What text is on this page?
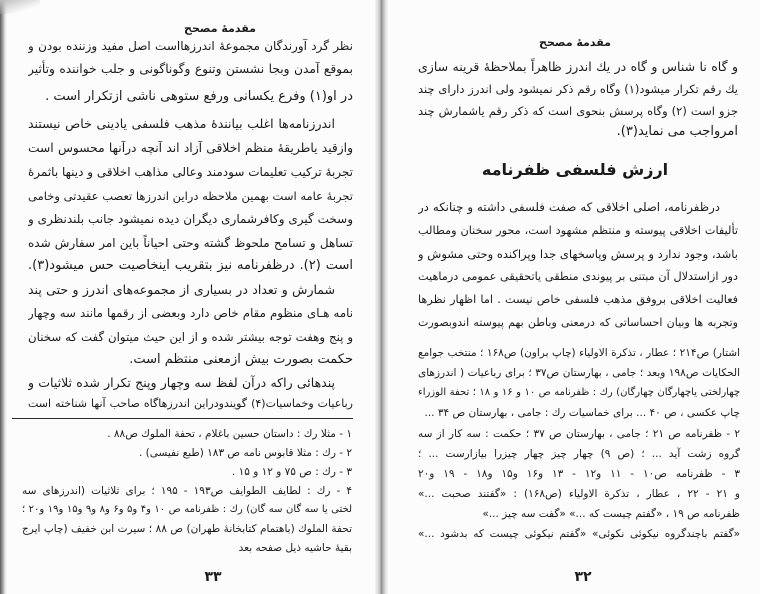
مقدمهٔ مصحح
نظر گرد آورندگان مجموعهٔ اندرزهااست اصل مفید وزننده بودن و
بموقع آمدن وبجا نشستن وتنوع وگوناگونی و جلب خواننده وتأثیر
در او(۱) وفرع یکسانی ورفع ستوهی ناشی ازتکرار است .
اندرزنامه‌ها اغلب بیانندهٔ مذهب فلسفی یادینی خاص نیستند
وازقید یاطریقهٔ منظم اخلاقی آزاد اند آنچه درآنها محسوس است
تجربهٔ ترکیب تعلیمات سودمند وعالی مذاهب اخلاقی و دینها باثمرهٔ
تجربهٔ عامه است بهمین ملاحظه دراین اندرزها تعصب عقیدتی وخامی
وسخت گیری وکافرشماری دیگران دیده نمیشود جانب بلندنظری و
تساهل و تسامح ملحوظ گشته وحتی احیاناً باین امر سفارش شده
است (۲). درظفرنامه نیز بتقریب اینخاصیت حس میشود(۳).
شمارش و تعداد در بسیاری از مجموعه‌های اندرز و حتی پند
نامه هـای منظوم مقام خاص دارد وبعضی از رقمها مانند سه وچهار
و پنج وهفت توجه بیشتر شده و از این حیث میتوان گفت که سخنان
حکمت بصورت بیش ازمعنی منتظم است.
پندهائی راکه درآن لفظ سه وچهار وپنج تکرار شده ثلاثیات و
رباعیات وخماسیات(۴) گویندودراین اندرزهاگاه صاحب آنها شناخته است
۱ - مثلا رك : داستان حسین باغلام ، تحفة الملوك ص۸۸ .
۲ - رك : مثلا قابوس نامه ص ۱۸۳ (طبع نفیسی) .
۳ - رك : ص ۷۵ و ۱۲ و ۱۵ .
۴ - رك : لطایف الطوایف ص۱۹۳ - ۱۹۵ ؛ برای ثلاثیات (اندرزهای سه
لختی یا سه گان سه گان) رك : ظفرنامه ص ۱۰ و۴ و۵ و۶ و۸ و۹ و۱۵ و۱۹ و۲۰ ؛
تحفة الملوك (باهتمام کتابخانهٔ طهران) ص ۸۸ ؛ سیرت ابن خفیف (چاپ ایرج
بقیهٔ حاشیه ذیل صفحه بعد
۳۳
مقدمهٔ مصحح
و گاه نا شناس و گاه در یك اندرز ظاهراً بملاحظهٔ قرینه سازی
یك رقم تکرار میشود(۱) وگاه رقم ذکر نمیشود ولی اندرز دارای چند
جزو است (۲) وگاه پرسش بنحوی است که ذکر رقم یاشمارش چند
امرواجب می نماید(۳).
ارزش فلسفی ظفرنامه
درظفرنامه، اصلی اخلاقی که صفت فلسفی داشته و چنانکه در
تألیفات اخلاقی پیوسته و منتظم مشهود است، محور سخنان ومطالب
باشد، وجود ندارد و پرسش وپاسخهای جدا وپراکنده وحتی مشوش و
دور ازاستدلال آن مبتنی بر پیوندی منطقی یاتحقیقی عمومی درماهیت
فعالیت اخلاقی بروفق مذهب فلسفی خاص نیست . اما اظهار نظرها
وتجربه ها وبیان احساساتی که درمعنی وباطن بهم پیوسته اندوبصورت
اشتار) ص۲۱۴ ؛ عطار ، تذکرة الاولیاء (چاپ براون) ص۱۶۸ ؛ منتخب جوامع
الحکایات ص۱۹۸ وبعد ؛ جامی ، بهارستان ص۳۷ ؛ برای رباعیات ( اندرزهای
چهارلختی یاچهارگان چهارگان) رك : ظفرنامه ص ۱۰ و ۱۶ و ۱۸ ؛ تحفة الوزراء
چاپ عکسی ، ص ۴۰ ... برای خماسیات رك : جامی ، بهارستان ص ۳۴ ...
۲ - ظفرنامه ص ۲۱ ؛ جامی ، بهارستان ص ۳۷ ؛ حکمت : سه کار از سه
گروه زشت آید ... ؛ (ص ۹) چهار چیز چهار چیزرا بیازارست ... ؛
۳ - ظفرنامه ص۱۰ - ۱۱ و۱۲ - ۱۳ و۱۶ و۱۵ و۱۸ - ۱۹ و۲۰
و ۲۱ - ۲۲ ، عطار ، تذکرة الاولیاء (ص۱۶۸) : «گفتند صحبت ...»
ظفرنامه ص ۱۹ ، «گفتم چیست که ...» «گفت سه چیز ...»
«گفتم باچندگروه نیکوئی نکوئی» «گفتم نیکوئی چیست که بدشود ...»
۳۲
